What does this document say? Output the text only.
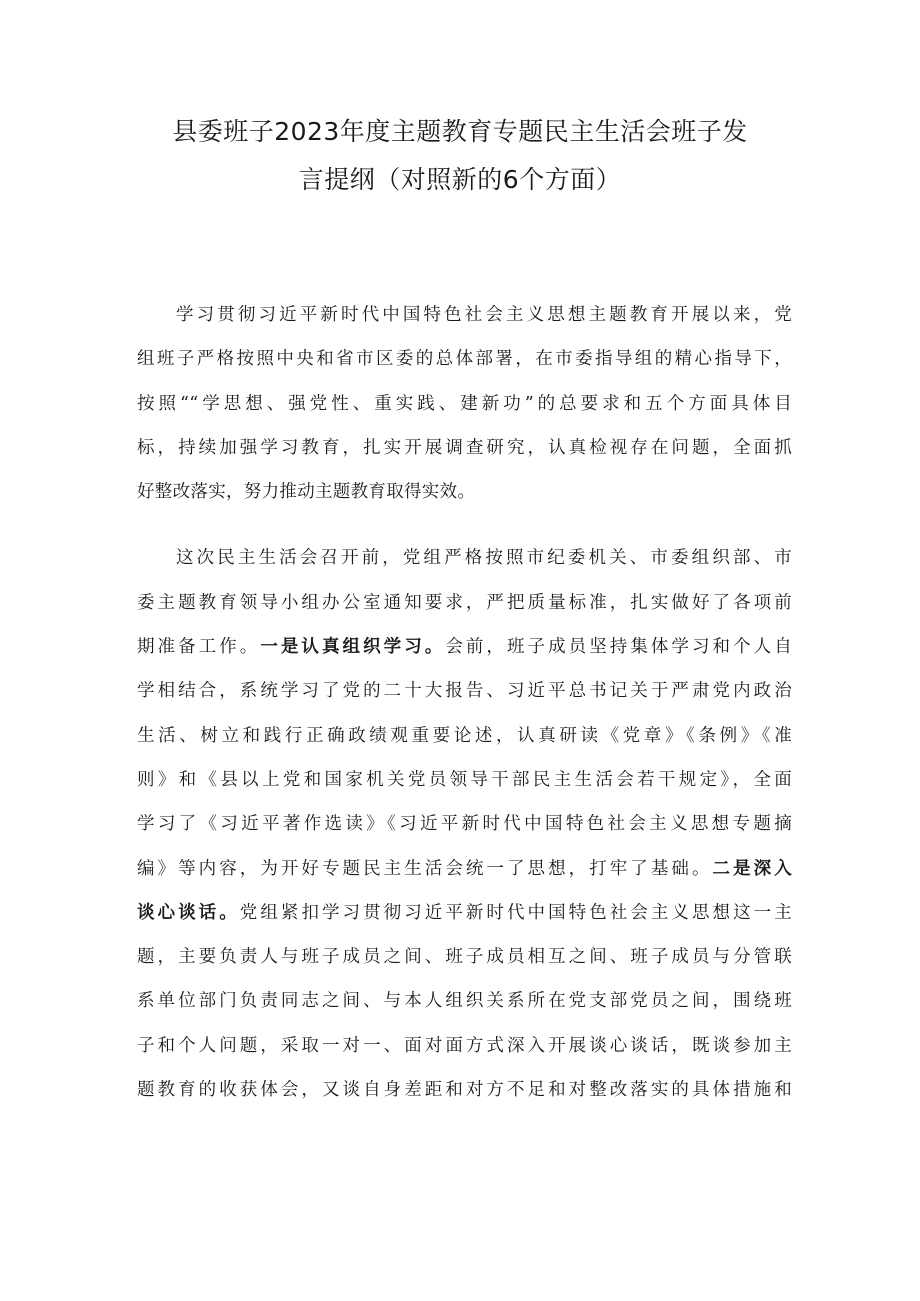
县委班子2023年度主题教育专题民主生活会班子发
言提纲（对照新的6个方面）

学习贯彻习近平新时代中国特色社会主义思想主题教育开展以来，党
组班子严格按照中央和省市区委的总体部署，在市委指导组的精心指导下，
按照““学思想、强党性、重实践、建新功”的总要求和五个方面具体目
标，持续加强学习教育，扎实开展调查研究，认真检视存在问题，全面抓
好整改落实，努力推动主题教育取得实效。

这次民主生活会召开前，党组严格按照市纪委机关、市委组织部、市
委主题教育领导小组办公室通知要求，严把质量标准，扎实做好了各项前
期准备工作。一是认真组织学习。会前，班子成员坚持集体学习和个人自
学相结合，系统学习了党的二十大报告、习近平总书记关于严肃党内政治
生活、树立和践行正确政绩观重要论述，认真研读《党章》《条例》《准
则》和《县以上党和国家机关党员领导干部民主生活会若干规定》，全面
学习了《习近平著作选读》《习近平新时代中国特色社会主义思想专题摘
编》等内容，为开好专题民主生活会统一了思想，打牢了基础。二是深入
谈心谈话。党组紧扣学习贯彻习近平新时代中国特色社会主义思想这一主
题，主要负责人与班子成员之间、班子成员相互之间、班子成员与分管联
系单位部门负责同志之间、与本人组织关系所在党支部党员之间，围绕班
子和个人问题，采取一对一、面对面方式深入开展谈心谈话，既谈参加主
题教育的收获体会，又谈自身差距和对方不足和对整改落实的具体措施和
